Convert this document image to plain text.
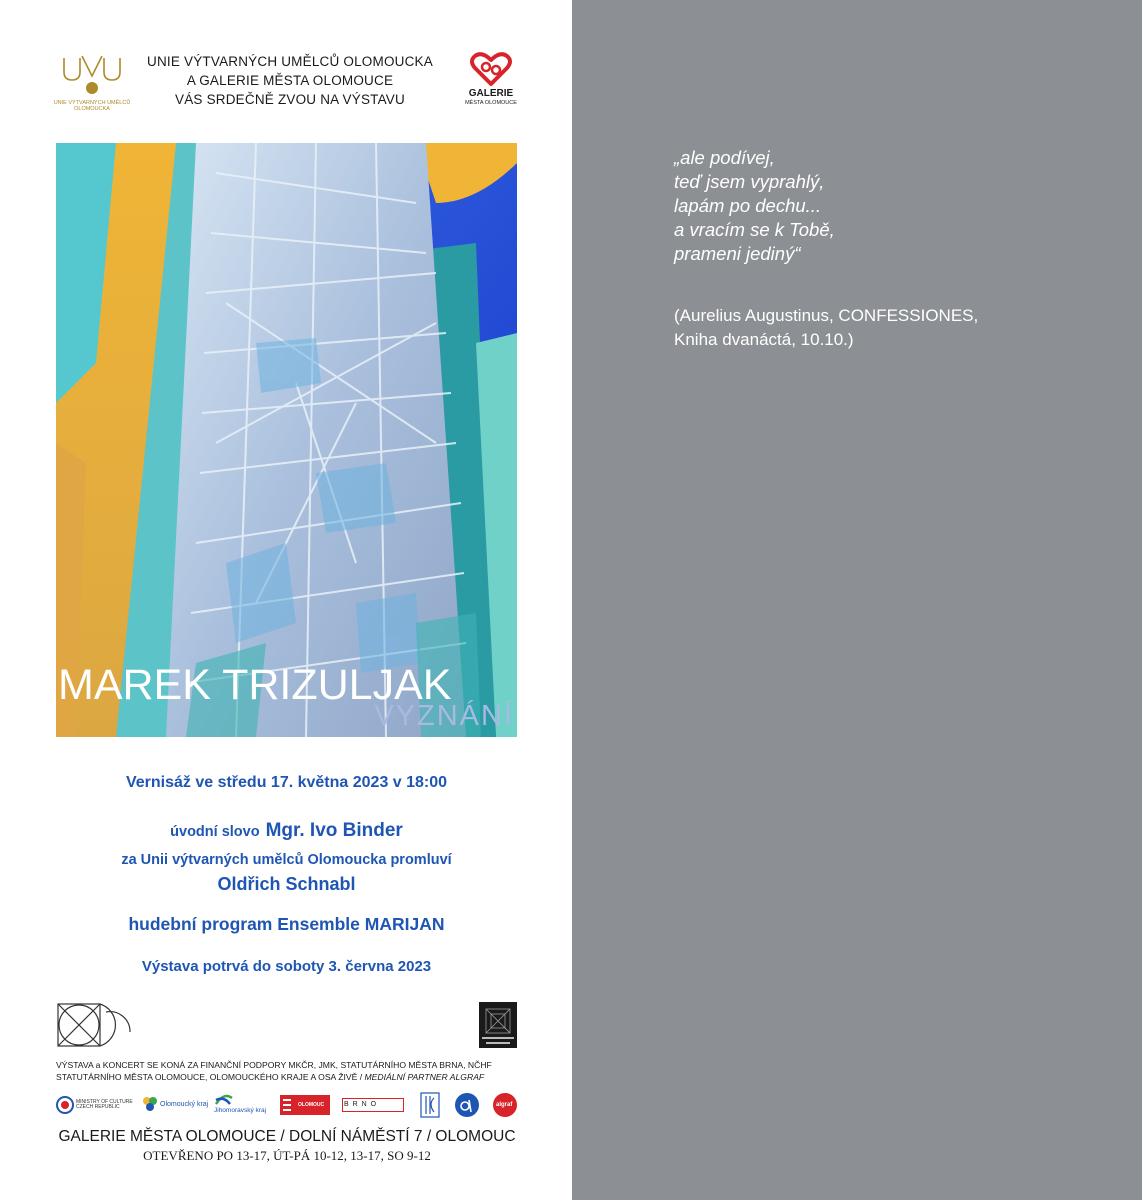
UNIE VÝTVARNÝCH UMĚLCŮ
OLOMOUCKA
UNIE VÝTVARNÝCH UMĚLCŮ OLOMOUCKA
A GALERIE MĚSTA OLOMOUCE
VÁS SRDEČNĚ ZVOU NA VÝSTAVU	GALERIE
MĚSTA OLOMOUCE
MAREK TRIZULJAK
VYZNÁNÍ
Vernisáž ve středu 17. května 2023 v 18:00
úvodní slovo Mgr. Ivo Binder
za Unii výtvarných umělců Olomoucka promluví
Oldřich Schnabl
hudební program Ensemble MARIJAN
Výstava potrvá do soboty 3. června 2023
VÝSTAVA a KONCERT SE KONÁ ZA FINANČNÍ PODPORY MKČR, JMK, STATUTÁRNÍHO MĚSTA BRNA, NČHF
STATUTÁRNÍHO MĚSTA OLOMOUCE, OLOMOUCKÉHO KRAJE A OSA ŽIVĚ / MEDIÁLNÍ PARTNER ALGRAF
MINISTRY OF CULTURE
CZECH REPUBLIC	Olomoucký kraj
Jihomoravský kraj
OLOMOUC	B R N O	algraf
GALERIE MĚSTA OLOMOUCE / DOLNÍ NÁMĚSTÍ 7 / OLOMOUC
OTEVŘENO PO 13-17, ÚT-PÁ 10-12, 13-17, SO 9-12
„ale podívej,
teď jsem vyprahlý,
lapám po dechu...
a vracím se k Tobě,
prameni jediný“
(Aurelius Augustinus, CONFESSIONES,
Kniha dvanáctá, 10.10.)
